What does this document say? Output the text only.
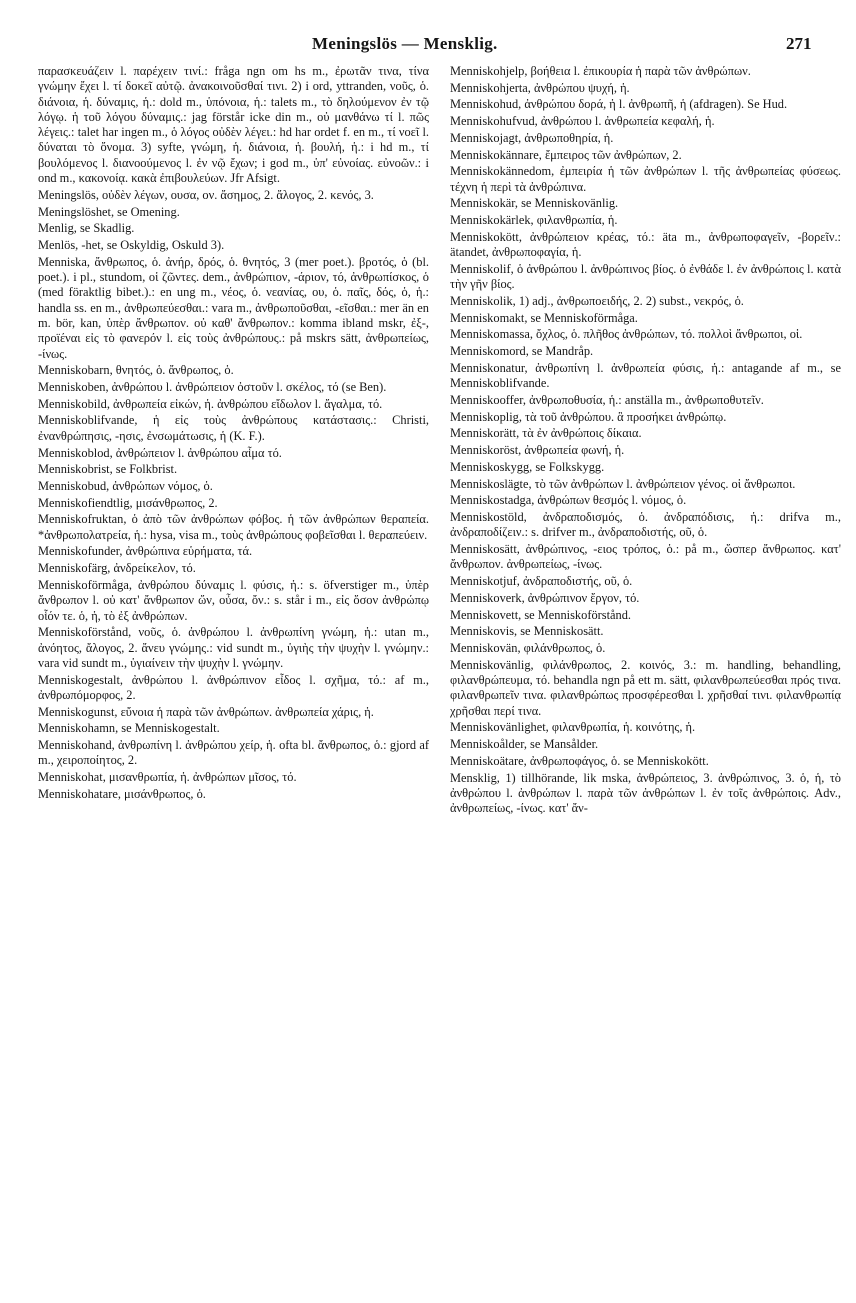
Meningslös — Mensklig.	271

παρασκευάζειν l. παρέχειν τινί.: fråga ngn om hs m., ἐρωτᾶν τινα, τίνα γνώμην ἔχει l. τί δοκεῖ αὐτῷ. ἀνακοινοῦσθαί τινι. 2) i ord, yttranden, νοῦς, ὁ. διάνοια, ἡ. δύναμις, ἡ.: dold m., ὑπόνοια, ἡ.: talets m., τὸ δηλούμενον ἐν τῷ λόγῳ. ἡ τοῦ λόγου δύναμις.: jag förstår icke din m., οὐ μανθάνω τί l. πῶς λέγεις.: talet har ingen m., ὁ λόγος οὐδὲν λέγει.: hd har ordet f. en m., τί νοεῖ l. δύναται τὸ ὄνομα. 3) syfte, γνώμη, ἡ. διάνοια, ἡ. βουλή, ἡ.: i hd m., τί βουλόμενος l. διανοούμενος l. ἐν νῷ ἔχων; i god m., ὑπ' εὐνοίας. εὐνοῶν.: i ond m., κακονοίᾳ. κακὰ ἐπιβουλεύων. Jfr Afsigt.

Meningslös, οὐδὲν λέγων, ουσα, ον. ἄσημος, 2. ἄλογος, 2. κενός, 3.

Meningslöshet, se Omening.

Menlig, se Skadlig.

Menlös, -het, se Oskyldig, Oskuld 3).

Menniska, ἄνθρωπος, ὁ. ἀνήρ, δρός, ὁ. θνητός, 3 (mer poet.). βροτός, ὁ (bl. poet.). i pl., stundom, οἱ ζῶντες. dem., ἀνθρώπιον, -άριον, τό, ἀνθρωπίσκος, ὁ (med föraktlig bibet.).: en ung m., νέος, ὁ. νεανίας, ου, ὁ. παῖς, δός, ὁ, ἡ.: handla ss. en m., ἀνθρωπεύεσθαι.: vara m., ἀνθρωποῦσθαι, -εῖσθαι.: mer än en m. bör, kan, ὑπὲρ ἄνθρωπον. οὐ καθ' ἄνθρωπον.: komma ibland mskr, ἐξ-, προϊέναι εἰς τὸ φανερόν l. εἰς τοὺς ἀνθρώπους.: på mskrs sätt, ἀνθρωπείως, -ίνως.

Menniskobarn, θνητός, ὁ. ἄνθρωπος, ὁ.

Menniskoben, ἀνθρώπου l. ἀνθρώπειον ὀστοῦν l. σκέλος, τό (se Ben).

Menniskobild, ἀνθρωπεία εἰκών, ἡ. ἀνθρώπου εἴδωλον l. ἄγαλμα, τό.

Menniskoblifvande, ἡ εἰς τοὺς ἀνθρώπους κατάστασις.: Christi, ἐνανθρώπησις, -ησις, ἐνσωμάτωσις, ἡ (K. F.).

Menniskoblod, ἀνθρώπειον l. ἀνθρώπου αἷμα τό.

Menniskobrist, se Folkbrist.

Menniskobud, ἀνθρώπων νόμος, ὁ.

Menniskofiendtlig, μισάνθρωπος, 2.

Menniskofruktan, ὁ ἀπὸ τῶν ἀνθρώπων φόβος. ἡ τῶν ἀνθρώπων θεραπεία. *ἀνθρωπολατρεία, ἡ.: hysa, visa m., τοὺς ἀνθρώπους φοβεῖσθαι l. θεραπεύειν.

Menniskofunder, ἀνθρώπινα εὑρήματα, τά.

Menniskofärg, ἀνδρείκελον, τό.

Menniskoförmåga, ἀνθρώπου δύναμις l. φύσις, ἡ.: s. öfverstiger m., ὑπὲρ ἄνθρωπον l. οὐ κατ' ἄνθρωπον ὤν, οὖσα, ὄν.: s. står i m., εἰς ὅσον ἀνθρώπῳ οἷόν τε. ὁ, ἡ, τὸ ἐξ ἀνθρώπων.

Menniskoförstånd, νοῦς, ὁ. ἀνθρώπου l. ἀνθρωπίνη γνώμη, ἡ.: utan m., ἀνόητος, ἄλογος, 2. ἄνευ γνώμης.: vid sundt m., ὑγιὴς τὴν ψυχὴν l. γνώμην.: vara vid sundt m., ὑγιαίνειν τὴν ψυχὴν l. γνώμην.

Menniskogestalt, ἀνθρώπου l. ἀνθρώπινον εἶδος l. σχῆμα, τό.: af m., ἀνθρωπόμορφος, 2.

Menniskogunst, εὔνοια ἡ παρὰ τῶν ἀνθρώπων. ἀνθρωπεία χάρις, ἡ.

Menniskohamn, se Menniskogestalt.

Menniskohand, ἀνθρωπίνη l. ἀνθρώπου χείρ, ἡ. ofta bl. ἄνθρωπος, ὁ.: gjord af m., χειροποίητος, 2.

Menniskohat, μισανθρωπία, ἡ. ἀνθρώπων μῖσος, τό.

Menniskohatare, μισάνθρωπος, ὁ.

Menniskohjelp, βοήθεια l. ἐπικουρία ἡ παρὰ τῶν ἀνθρώπων.

Menniskohjerta, ἀνθρώπου ψυχή, ἡ.

Menniskohud, ἀνθρώπου δορά, ἡ l. ἀνθρωπῆ, ἡ (afdragen). Se Hud.

Menniskohufvud, ἀνθρώπου l. ἀνθρωπεία κεφαλή, ἡ.

Menniskojagt, ἀνθρωποθηρία, ἡ.

Menniskokännare, ἔμπειρος τῶν ἀνθρώπων, 2.

Menniskokännedom, ἐμπειρία ἡ τῶν ἀνθρώπων l. τῆς ἀνθρωπείας φύσεως. τέχνη ἡ περὶ τὰ ἀνθρώπινα.

Menniskokär, se Menniskovänlig.

Menniskokärlek, φιλανθρωπία, ἡ.

Menniskokött, ἀνθρώπειον κρέας, τό.: äta m., ἀνθρωποφαγεῖν, -βορεῖν.: ätandet, ἀνθρωποφαγία, ἡ.

Menniskolif, ὁ ἀνθρώπου l. ἀνθρώπινος βίος. ὁ ἐνθάδε l. ἐν ἀνθρώποις l. κατὰ τὴν γῆν βίος.

Menniskolik, 1) adj., ἀνθρωποειδής, 2. 2) subst., νεκρός, ὁ.

Menniskomakt, se Menniskoförmåga.

Menniskomassa, ὄχλος, ὁ. πλῆθος ἀνθρώπων, τό. πολλοὶ ἄνθρωποι, οἱ.

Menniskomord, se Mandråp.

Menniskonatur, ἀνθρωπίνη l. ἀνθρωπεία φύσις, ἡ.: antagande af m., se Menniskoblifvande.

Menniskooffer, ἀνθρωποθυσία, ἡ.: anställa m., ἀνθρωποθυτεῖν.

Menniskoplig, τὰ τοῦ ἀνθρώπου. ἃ προσήκει ἀνθρώπῳ.

Menniskorätt, τὰ ἐν ἀνθρώποις δίκαια.

Menniskoröst, ἀνθρωπεία φωνή, ἡ.

Menniskoskygg, se Folkskygg.

Menniskoslägte, τὸ τῶν ἀνθρώπων l. ἀνθρώπειον γένος. οἱ ἄνθρωποι.

Menniskostadga, ἀνθρώπων θεσμός l. νόμος, ὁ.

Menniskostöld, ἀνδραποδισμός, ὁ. ἀνδραπόδισις, ἡ.: drifva m., ἀνδραποδίζειν.: s. drifver m., ἀνδραποδιστής, οῦ, ὁ.

Menniskosätt, ἀνθρώπινος, -ειος τρόπος, ὁ.: på m., ὥσπερ ἄνθρωπος. κατ' ἄνθρωπον. ἀνθρωπείως, -ίνως.

Menniskotjuf, ἀνδραποδιστής, οῦ, ὁ.

Menniskoverk, ἀνθρώπινον ἔργον, τό.

Menniskovett, se Menniskoförstånd.

Menniskovis, se Menniskosätt.

Menniskovän, φιλάνθρωπος, ὁ.

Menniskovänlig, φιλάνθρωπος, 2. κοινός, 3.: m. handling, behandling, φιλανθρώπευμα, τό. behandla ngn på ett m. sätt, φιλανθρωπεύεσθαι πρός τινα. φιλανθρωπεῖν τινα. φιλανθρώπως προσφέρεσθαι l. χρῆσθαί τινι. φιλανθρωπίᾳ χρῆσθαι περί τινα.

Menniskovänlighet, φιλανθρωπία, ἡ. κοινότης, ἡ.

Menniskoålder, se Mansålder.

Menniskoätare, ἀνθρωποφάγος, ὁ. se Menniskokött.

Mensklig, 1) tillhörande, lik mska, ἀνθρώπειος, 3. ἀνθρώπινος, 3. ὁ, ἡ, τὸ ἀνθρώπου l. ἀνθρώπων l. παρὰ τῶν ἀνθρώπων l. ἐν τοῖς ἀνθρώποις. Adv., ἀνθρωπείως, -ίνως. κατ' ἄν-
